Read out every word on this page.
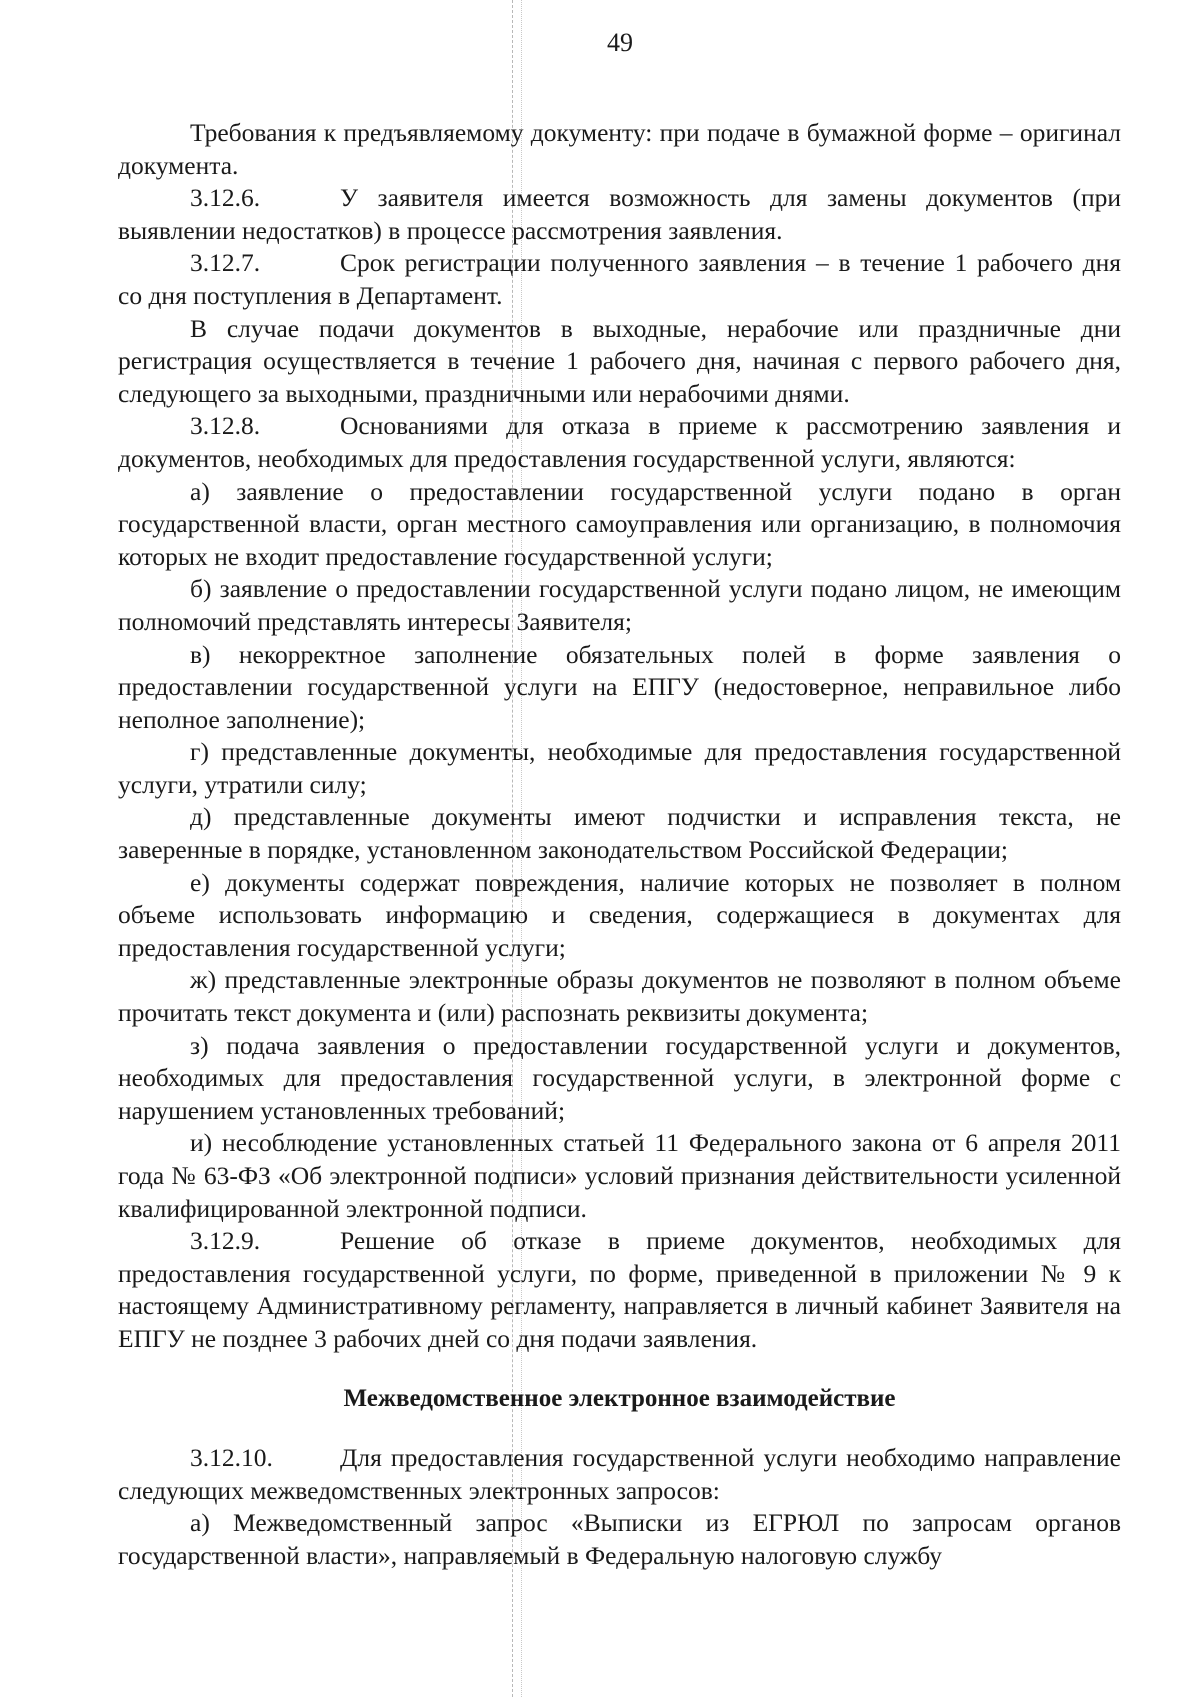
49

Требования к предъявляемому документу: при подаче в бумажной форме – оригинал документа.

3.12.6.	У заявителя имеется возможность для замены документов (при выявлении недостатков) в процессе рассмотрения заявления.

3.12.7.	Срок регистрации полученного заявления – в течение 1 рабочего дня со дня поступления в Департамент.

В случае подачи документов в выходные, нерабочие или праздничные дни регистрация осуществляется в течение 1 рабочего дня, начиная с первого рабочего дня, следующего за выходными, праздничными или нерабочими днями.

3.12.8.	Основаниями для отказа в приеме к рассмотрению заявления и документов, необходимых для предоставления государственной услуги, являются:

а) заявление о предоставлении государственной услуги подано в орган государственной власти, орган местного самоуправления или организацию, в полномочия которых не входит предоставление государственной услуги;

б) заявление о предоставлении государственной услуги подано лицом, не имеющим полномочий представлять интересы Заявителя;

в) некорректное заполнение обязательных полей в форме заявления о предоставлении государственной услуги на ЕПГУ (недостоверное, неправильное либо неполное заполнение);

г) представленные документы, необходимые для предоставления государственной услуги, утратили силу;

д) представленные документы имеют подчистки и исправления текста, не заверенные в порядке, установленном законодательством Российской Федерации;

е) документы содержат повреждения, наличие которых не позволяет в полном объеме использовать информацию и сведения, содержащиеся в документах для предоставления государственной услуги;

ж) представленные электронные образы документов не позволяют в полном объеме прочитать текст документа и (или) распознать реквизиты документа;

з) подача заявления о предоставлении государственной услуги и документов, необходимых для предоставления государственной услуги, в электронной форме с нарушением установленных требований;

и) несоблюдение установленных статьей 11 Федерального закона от 6 апреля 2011 года № 63-ФЗ «Об электронной подписи» условий признания действительности усиленной квалифицированной электронной подписи.

3.12.9.	Решение об отказе в приеме документов, необходимых для предоставления государственной услуги, по форме, приведенной в приложении № 9 к настоящему Административному регламенту, направляется в личный кабинет Заявителя на ЕПГУ не позднее 3 рабочих дней со дня подачи заявления.

Межведомственное электронное взаимодействие

3.12.10.	Для предоставления государственной услуги необходимо направление следующих межведомственных электронных запросов:

а) Межведомственный запрос «Выписки из ЕГРЮЛ по запросам органов государственной власти», направляемый в Федеральную налоговую службу
